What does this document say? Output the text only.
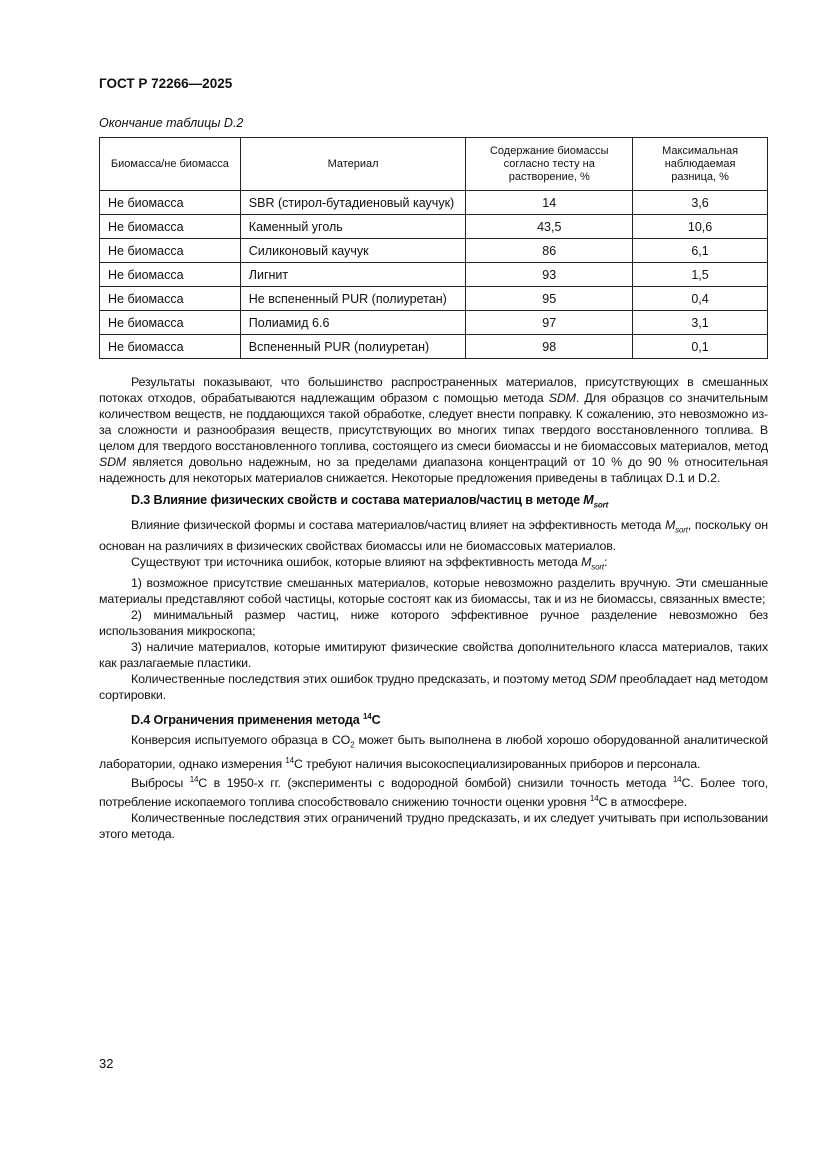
ГОСТ Р 72266—2025
Окончание таблицы D.2
Биомасса/не биомасса	Материал	Содержание биомассы согласно тесту на растворение, %	Максимальная наблюдаемая разница, %
Не биомасса	SBR (стирол-бутадиеновый каучук)	14	3,6
Не биомасса	Каменный уголь	43,5	10,6
Не биомасса	Силиконовый каучук	86	6,1
Не биомасса	Лигнит	93	1,5
Не биомасса	Не вспененный PUR (полиуретан)	95	0,4
Не биомасса	Полиамид 6.6	97	3,1
Не биомасса	Вспененный PUR (полиуретан)	98	0,1

Результаты показывают, что большинство распространенных материалов, присутствующих в смешанных потоках отходов, обрабатываются надлежащим образом с помощью метода SDM. Для образцов со значительным количеством веществ, не поддающихся такой обработке, следует внести поправку. К сожалению, это невозможно из-за сложности и разнообразия веществ, присутствующих во многих типах твердого восстановленного топлива. В целом для твердого восстановленного топлива, состоящего из смеси биомассы и не биомассовых материалов, метод SDM является довольно надежным, но за пределами диапазона концентраций от 10 % до 90 % относительная надежность для некоторых материалов снижается. Некоторые предложения приведены в таблицах D.1 и D.2.

D.3 Влияние физических свойств и состава материалов/частиц в методе $M_{sort}$

Влияние физической формы и состава материалов/частиц влияет на эффективность метода $M_{sort}$, поскольку он основан на различиях в физических свойствах биомассы или не биомассовых материалов.

Существуют три источника ошибок, которые влияют на эффективность метода $M_{sort}$:

1) возможное присутствие смешанных материалов, которые невозможно разделить вручную. Эти смешанные материалы представляют собой частицы, которые состоят как из биомассы, так и из не биомассы, связанных вместе;

2) минимальный размер частиц, ниже которого эффективное ручное разделение невозможно без использования микроскопа;

3) наличие материалов, которые имитируют физические свойства дополнительного класса материалов, таких как разлагаемые пластики.

Количественные последствия этих ошибок трудно предсказать, и поэтому метод SDM преобладает над методом сортировки.

D.4 Ограничения применения метода $^{14}$C

Конверсия испытуемого образца в $CO_2$ может быть выполнена в любой хорошо оборудованной аналитической лаборатории, однако измерения $^{14}$C требуют наличия высокоспециализированных приборов и персонала.

Выбросы $^{14}$C в 1950-х гг. (эксперименты с водородной бомбой) снизили точность метода $^{14}$C. Более того, потребление ископаемого топлива способствовало снижению точности оценки уровня $^{14}$C в атмосфере.

Количественные последствия этих ограничений трудно предсказать, и их следует учитывать при использовании этого метода.

32
